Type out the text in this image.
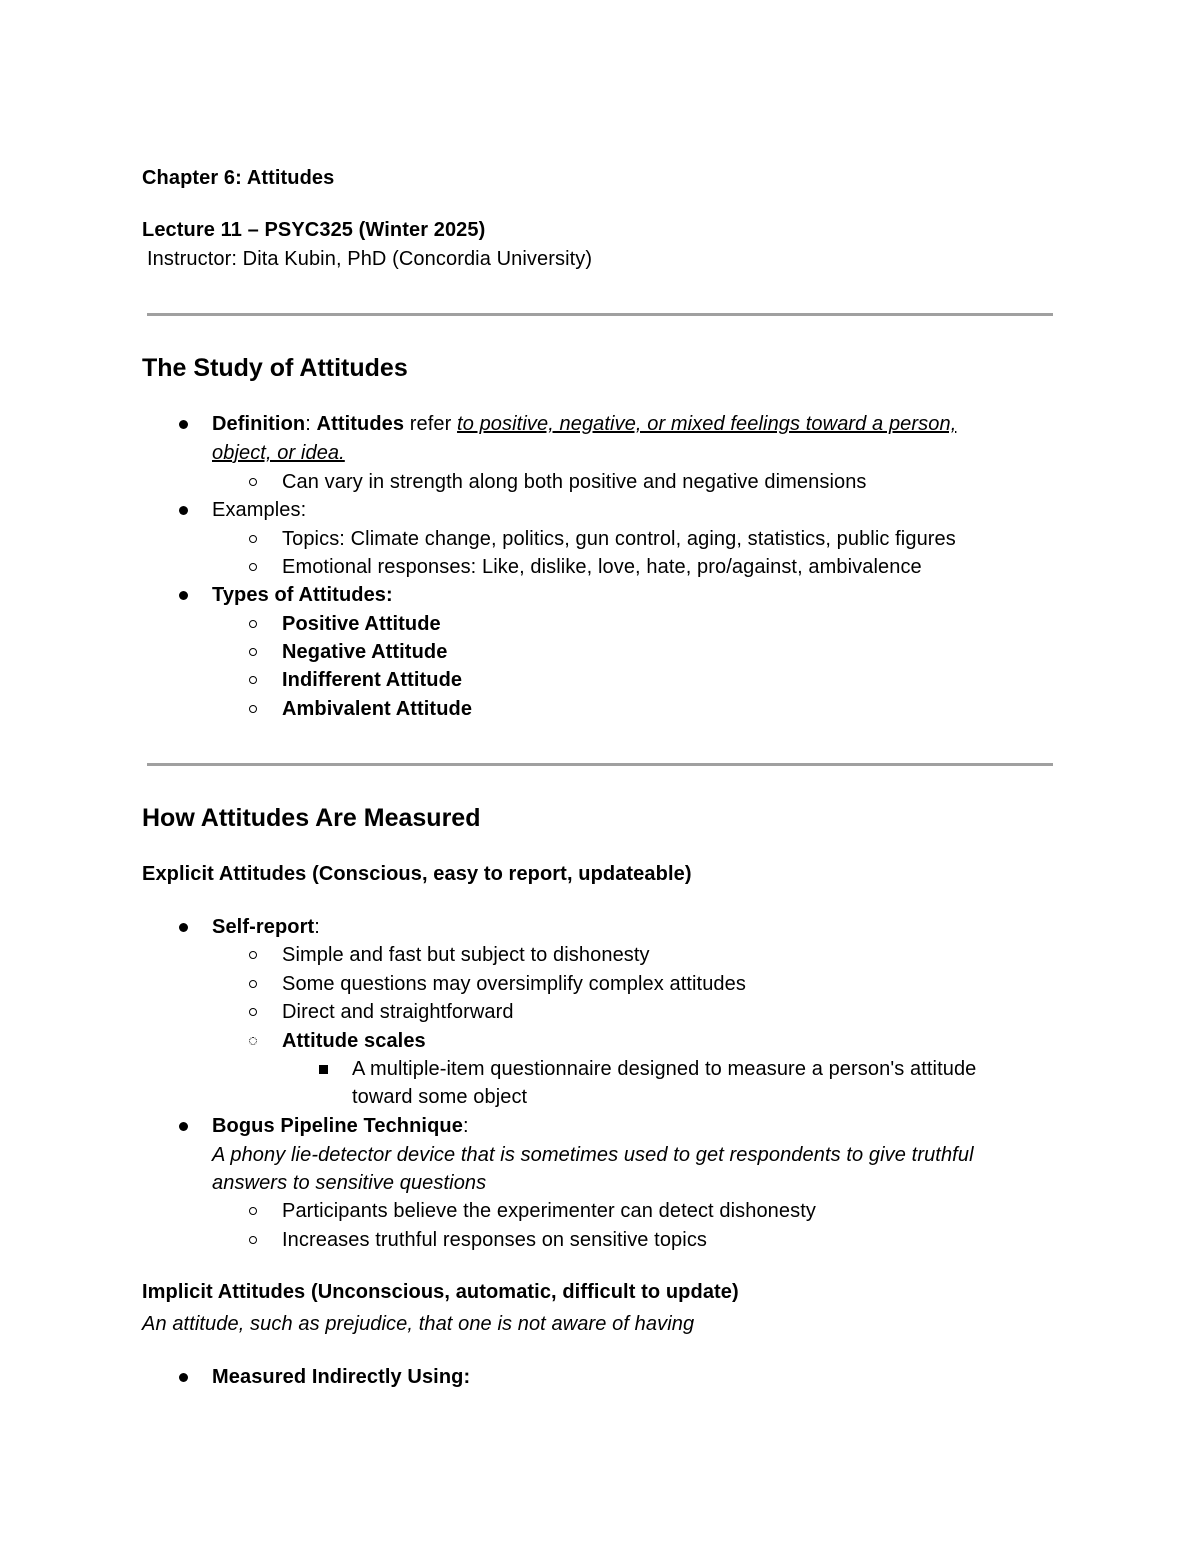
Chapter 6: Attitudes
Lecture 11 – PSYC325 (Winter 2025)
Instructor: Dita Kubin, PhD (Concordia University)
The Study of Attitudes
Definition: Attitudes refer to positive, negative, or mixed feelings toward a person,
object, or idea.
Can vary in strength along both positive and negative dimensions
Examples:
Topics: Climate change, politics, gun control, aging, statistics, public figures
Emotional responses: Like, dislike, love, hate, pro/against, ambivalence
Types of Attitudes:
Positive Attitude
Negative Attitude
Indifferent Attitude
Ambivalent Attitude
How Attitudes Are Measured
Explicit Attitudes (Conscious, easy to report, updateable)
Self-report:
Simple and fast but subject to dishonesty
Some questions may oversimplify complex attitudes
Direct and straightforward
Attitude scales
A multiple-item questionnaire designed to measure a person's attitude
toward some object
Bogus Pipeline Technique:
A phony lie-detector device that is sometimes used to get respondents to give truthful
answers to sensitive questions
Participants believe the experimenter can detect dishonesty
Increases truthful responses on sensitive topics
Implicit Attitudes (Unconscious, automatic, difficult to update)
An attitude, such as prejudice, that one is not aware of having
Measured Indirectly Using:
